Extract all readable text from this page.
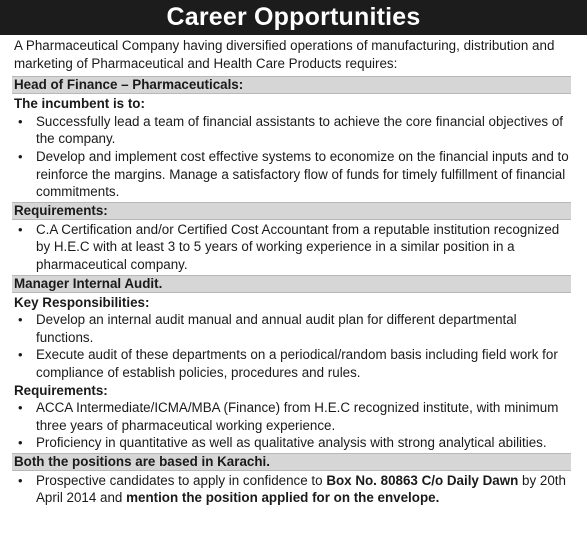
Career Opportunities

A Pharmaceutical Company having diversified operations of manufacturing, distribution and marketing of Pharmaceutical and Health Care Products requires:

Head of Finance – Pharmaceuticals:

The incumbent is to:

• Successfully lead a team of financial assistants to achieve the core financial objectives of the company.
• Develop and implement cost effective systems to economize on the financial inputs and to reinforce the margins. Manage a satisfactory flow of funds for timely fulfillment of financial commitments.
Requirements:
• C.A Certification and/or Certified Cost Accountant from a reputable institution recognized by H.E.C with at least 3 to 5 years of working experience in a similar position in a pharmaceutical company.
Manager Internal Audit.

Key Responsibilities:

• Develop an internal audit manual and annual audit plan for different departmental functions.
• Execute audit of these departments on a periodical/random basis including field work for compliance of establish policies, procedures and rules.

Requirements:

• ACCA Intermediate/ICMA/MBA (Finance) from H.E.C recognized institute, with minimum three years of pharmaceutical working experience.
• Proficiency in quantitative as well as qualitative analysis with strong analytical abilities.
Both the positions are based in Karachi.
• Prospective candidates to apply in confidence to Box No. 80863 C/o Daily Dawn by 20th April 2014 and mention the position applied for on the envelope.
